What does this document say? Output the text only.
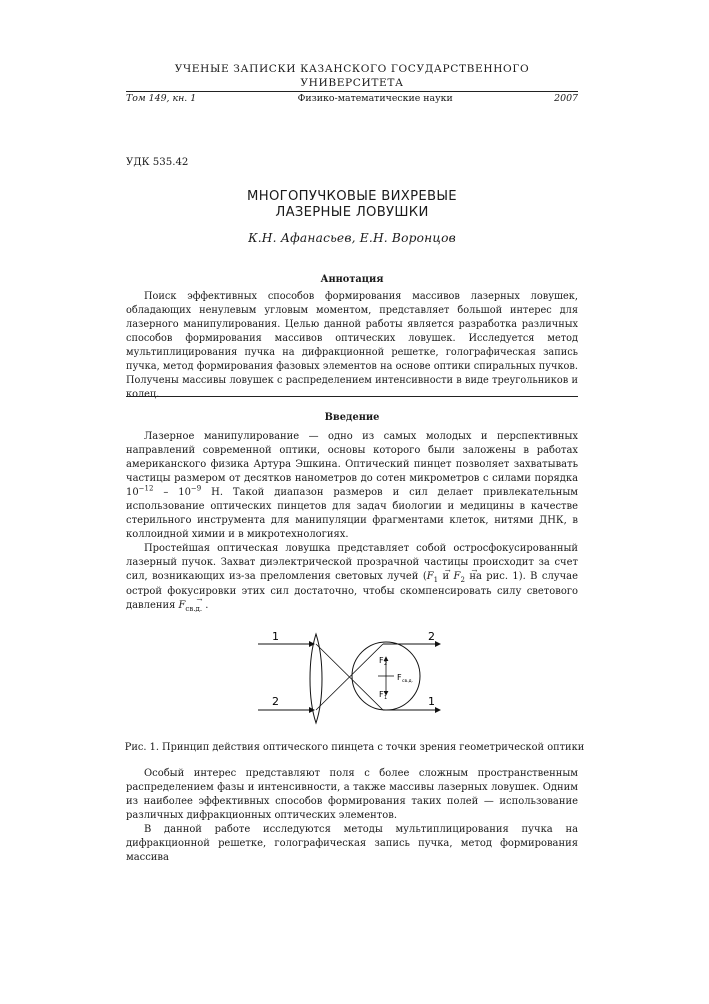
УЧЕНЫЕ ЗАПИСКИ КАЗАНСКОГО ГОСУДАРСТВЕННОГО УНИВЕРСИТЕТА
Том 149, кн. 1	Физико-математические науки	2007
УДК 535.42
МНОГОПУЧКОВЫЕ ВИХРЕВЫЕ
ЛАЗЕРНЫЕ ЛОВУШКИ
К.Н. Афанасьев, Е.Н. Воронцов
Аннотация

Поиск эффективных способов формирования массивов лазерных ловушек, обладающих ненулевым угловым моментом, представляет большой интерес для лазерного манипулирования. Целью данной работы является разработка различных способов формирования массивов оптических ловушек. Исследуется метод мультиплицирования пучка на дифракционной решетке, голографическая запись пучка, метод формирования фазовых элементов на основе оптики спиральных пучков. Получены массивы ловушек с распределением интенсивности в виде треугольников и колец.

Введение

Лазерное манипулирование — одно из самых молодых и перспективных направлений современной оптики, основы которого были заложены в работах американского физика Артура Эшкина. Оптический пинцет позволяет захватывать частицы размером от десятков нанометров до сотен микрометров с силами порядка $10^{-12} - 10^{-9}$ Н. Такой диапазон размеров и сил делает привлекательным использование оптических пинцетов для задач биологии и медицины в качестве стерильного инструмента для манипуляции фрагментами клеток, нитями ДНК, в коллоидной химии и в микротехнологиях.

Простейшая оптическая ловушка представляет собой остросфокусированный лазерный пучок. Захват диэлектрической прозрачной частицы происходит за счет сил, возникающих из-за преломления световых лучей (→ $F_1$ $и \to F_2$ на рис. 1). В случае острой фокусировки этих сил достаточно, чтобы скомпенсировать силу светового давления → $F_{св.д.}$ .

1
2
2
1
F 2
F 1
F св.д.
Рис. 1. Принцип действия оптического пинцета с точки зрения геометрической оптики

Особый интерес представляют поля с более сложным пространственным распределением фазы и интенсивности, а также массивы лазерных ловушек. Одним из наиболее эффективных способов формирования таких полей — использование различных дифракционных оптических элементов.

В данной работе исследуются методы мультиплицирования пучка на дифракционной решетке, голографическая запись пучка, метод формирования массива
